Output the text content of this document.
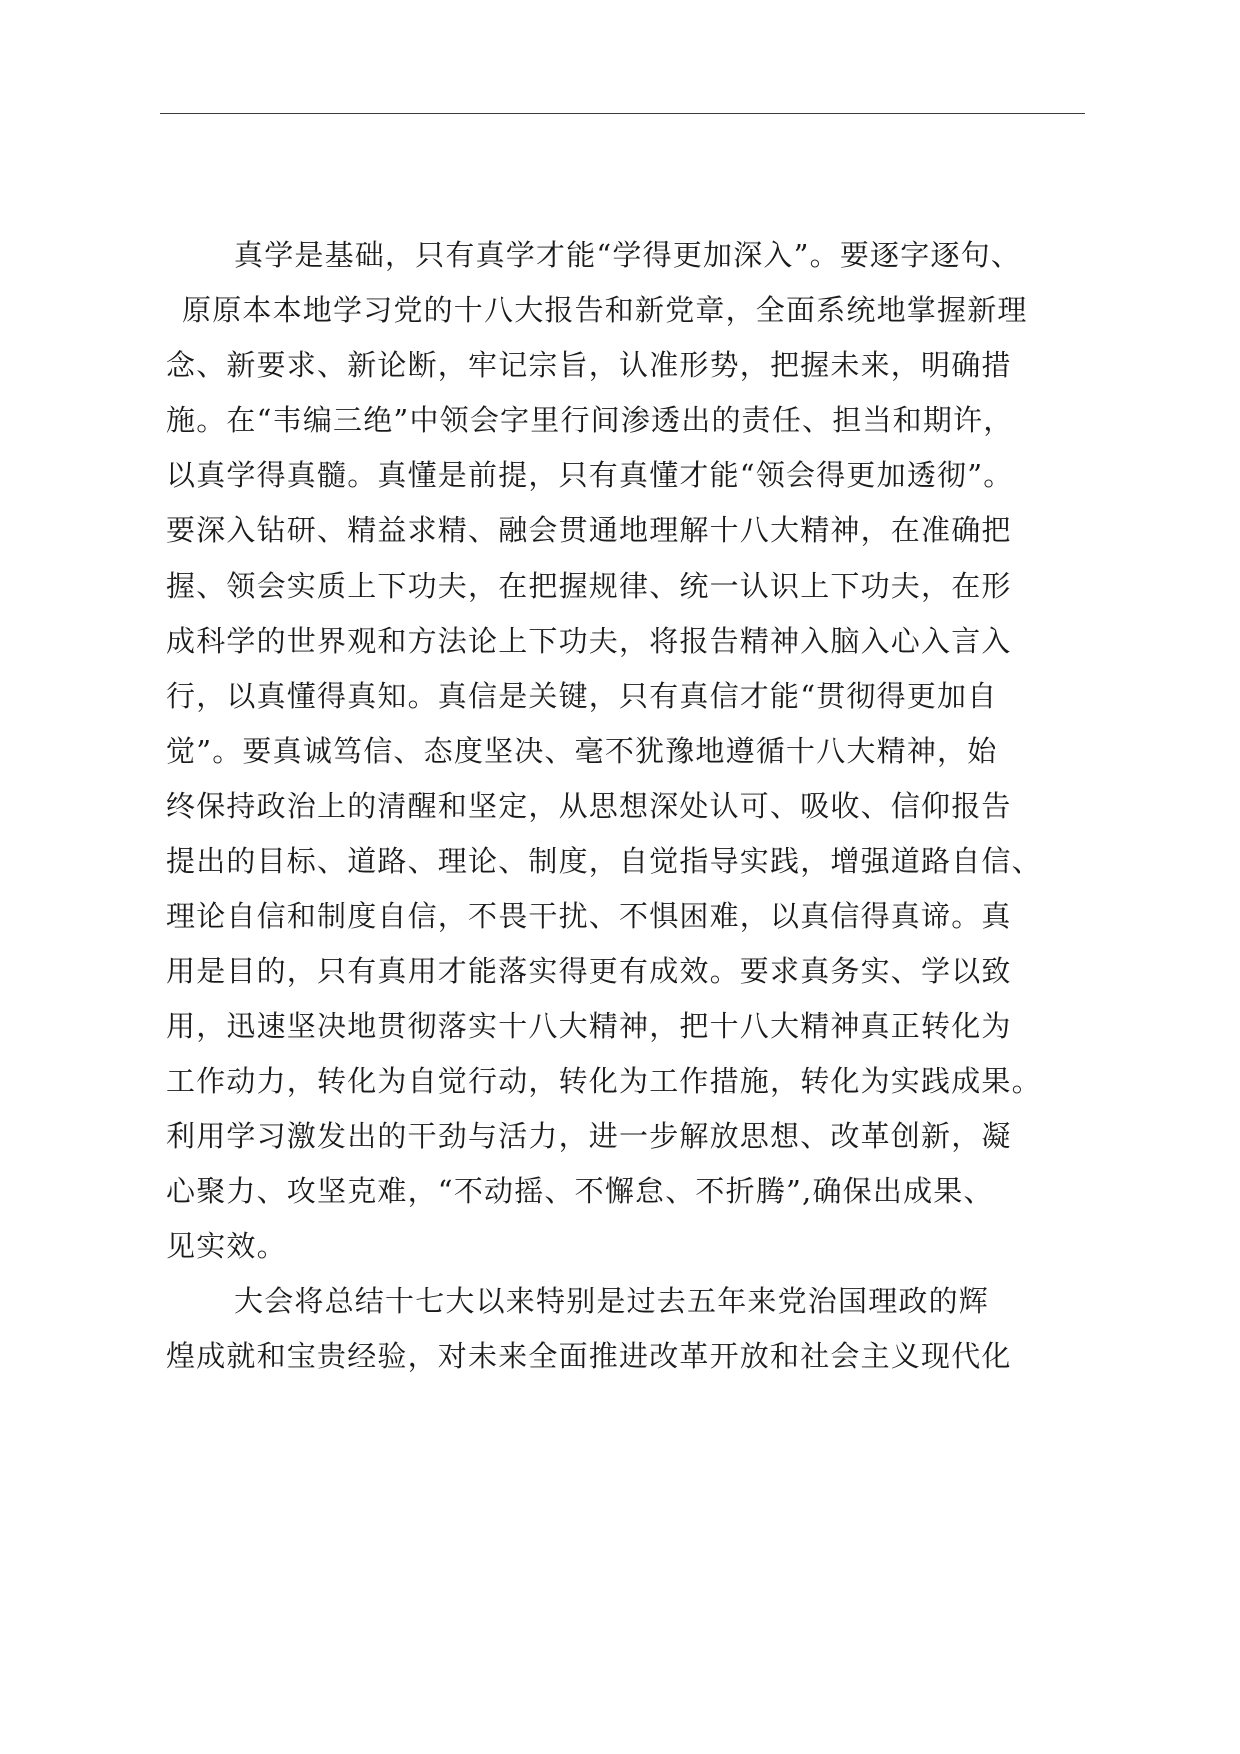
真学是基础，只有真学才能“学得更加深入”。要逐字逐句、
原原本本地学习党的十八大报告和新党章，全面系统地掌握新理
念、新要求、新论断，牢记宗旨，认准形势，把握未来，明确措
施。在“韦编三绝”中领会字里行间渗透出的责任、担当和期许，
以真学得真髓。真懂是前提，只有真懂才能“领会得更加透彻”。
要深入钻研、精益求精、融会贯通地理解十八大精神，在准确把
握、领会实质上下功夫，在把握规律、统一认识上下功夫，在形
成科学的世界观和方法论上下功夫，将报告精神入脑入心入言入
行，以真懂得真知。真信是关键，只有真信才能“贯彻得更加自
觉”。要真诚笃信、态度坚决、毫不犹豫地遵循十八大精神，始
终保持政治上的清醒和坚定，从思想深处认可、吸收、信仰报告
提出的目标、道路、理论、制度，自觉指导实践，增强道路自信、
理论自信和制度自信，不畏干扰、不惧困难，以真信得真谛。真
用是目的，只有真用才能落实得更有成效。要求真务实、学以致
用，迅速坚决地贯彻落实十八大精神，把十八大精神真正转化为
工作动力，转化为自觉行动，转化为工作措施，转化为实践成果。
利用学习激发出的干劲与活力，进一步解放思想、改革创新，凝
心聚力、攻坚克难，“不动摇、不懈怠、不折腾”,确保出成果、
见实效。
大会将总结十七大以来特别是过去五年来党治国理政的辉
煌成就和宝贵经验，对未来全面推进改革开放和社会主义现代化
